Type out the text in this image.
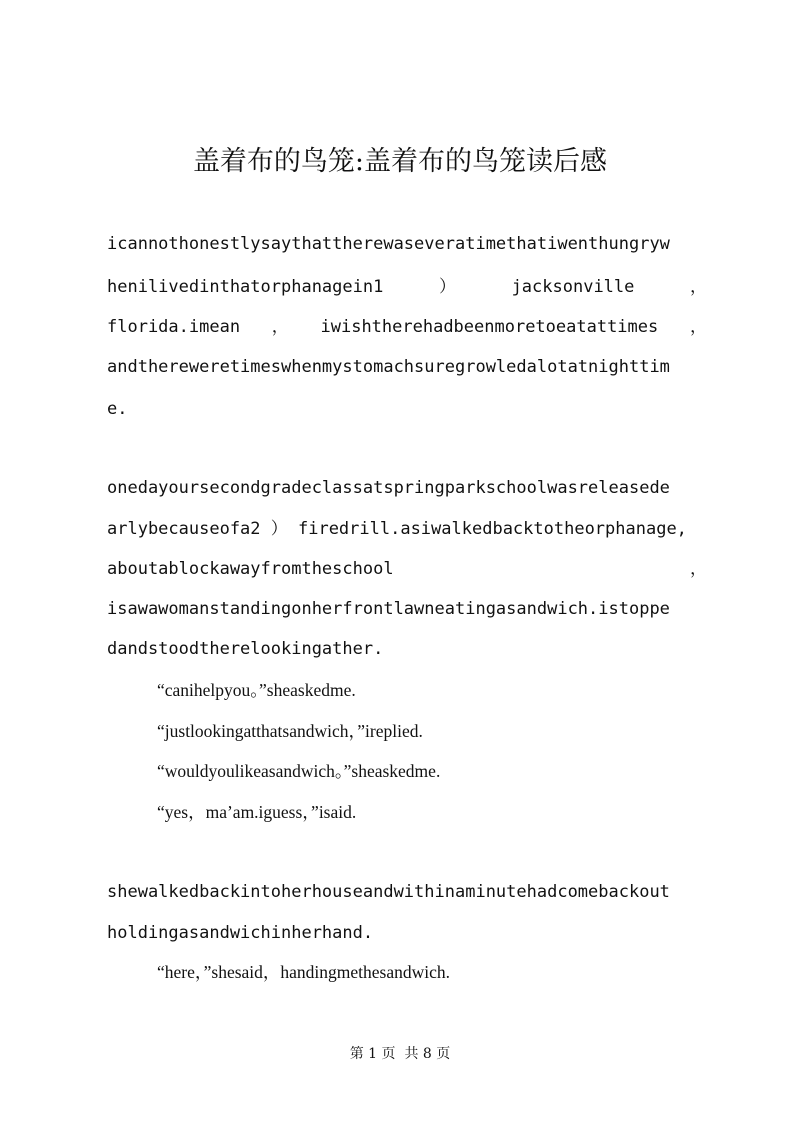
盖着布的鸟笼:盖着布的鸟笼读后感
icannothonestlysaythattherewaseveratimethatiwenthungryw
henilivedinthatorphanagein1	）	jacksonville	，
florida.imean ， iwishtherehadbeenmoretoeatattimes ，
andthereweretimeswhenmystomachsuregrowledalotatnighttim
e.
onedayoursecondgradeclassatspringparkschoolwasreleasede
arlybecauseofa2 ） firedrill.asiwalkedbacktotheorphanage,
aboutablockawayfromtheschool	，
isawawomanstandingonherfrontlawneatingasandwich.istoppe
dandstoodtherelookingather.
“canihelpyou。”sheaskedme.
“justlookingatthatsandwich，”ireplied.
“wouldyoulikeasandwich。”sheaskedme.
“yes，ma’am.iguess，”isaid.
shewalkedbackintoherhouseandwithinaminutehadcomebackout
holdingasandwichinherhand.
“here，”shesaid，handingmethesandwich.
第 1 页  共 8 页
